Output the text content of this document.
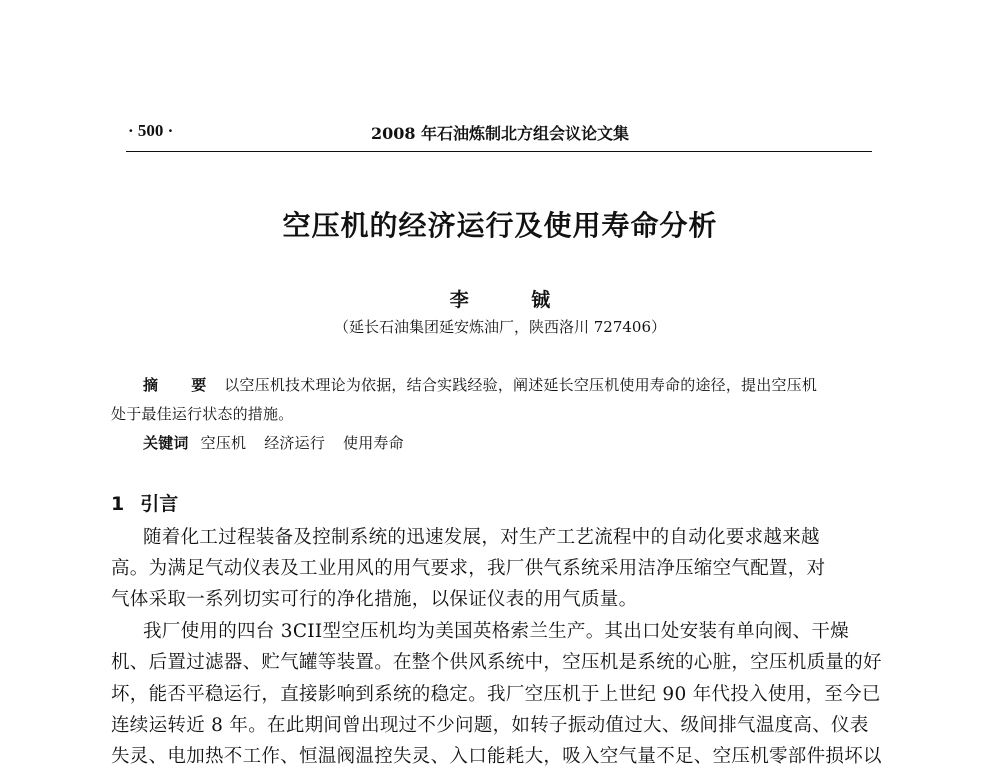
· 500 ·	2008 年石油炼制北方组会议论文集
空压机的经济运行及使用寿命分析
李 铖
（延长石油集团延安炼油厂，陕西洛川 727406）
摘 要 以空压机技术理论为依据，结合实践经验，阐述延长空压机使用寿命的途径，提出空压机
处于最佳运行状态的措施。
关键词 空压机 经济运行 使用寿命
1 引言
随着化工过程装备及控制系统的迅速发展，对生产工艺流程中的自动化要求越来越
高。为满足气动仪表及工业用风的用气要求，我厂供气系统采用洁净压缩空气配置，对
气体采取一系列切实可行的净化措施，以保证仪表的用气质量。
我厂使用的四台 3CII型空压机均为美国英格索兰生产。其出口处安装有单向阀、干燥
机、后置过滤器、贮气罐等装置。在整个供风系统中，空压机是系统的心脏，空压机质量的好
坏，能否平稳运行，直接影响到系统的稳定。我厂空压机于上世纪 90 年代投入使用，至今已
连续运转近 8 年。在此期间曾出现过不少问题，如转子振动值过大、级间排气温度高、仪表
失灵、电加热不工作、恒温阀温控失灵、入口能耗大，吸入空气量不足、空压机零部件损坏以
